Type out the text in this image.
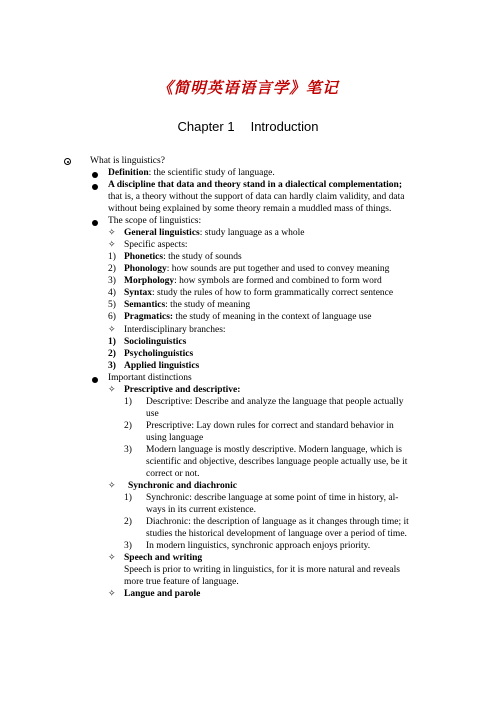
《简明英语语言学》笔记
Chapter 1 Introduction
What is linguistics?
Definition: the scientific study of language.
A discipline that data and theory stand in a dialectical complementation;
that is, a theory without the support of data can hardly claim validity, and data
without being explained by some theory remain a muddled mass of things.
The scope of linguistics:
✧ General linguistics: study language as a whole
✧ Specific aspects:
1) Phonetics: the study of sounds
2) Phonology: how sounds are put together and used to convey meaning
3) Morphology: how symbols are formed and combined to form word
4) Syntax: study the rules of how to form grammatically correct sentence
5) Semantics: the study of meaning
6) Pragmatics: the study of meaning in the context of language use
✧ Interdisciplinary branches:
1) Sociolinguistics
2) Psycholinguistics
3) Applied linguistics
Important distinctions
✧ Prescriptive and descriptive:
1) Descriptive: Describe and analyze the language that people actually
use
2) Prescriptive: Lay down rules for correct and standard behavior in
using language
3) Modern language is mostly descriptive. Modern language, which is
scientific and objective, describes language people actually use, be it
correct or not.
✧ Synchronic and diachronic
1) Synchronic: describe language at some point of time in history, al-
ways in its current existence.
2) Diachronic: the description of language as it changes through time; it
studies the historical development of language over a period of time.
3) In modern linguistics, synchronic approach enjoys priority.
✧ Speech and writing
Speech is prior to writing in linguistics, for it is more natural and reveals
more true feature of language.
✧ Langue and parole
